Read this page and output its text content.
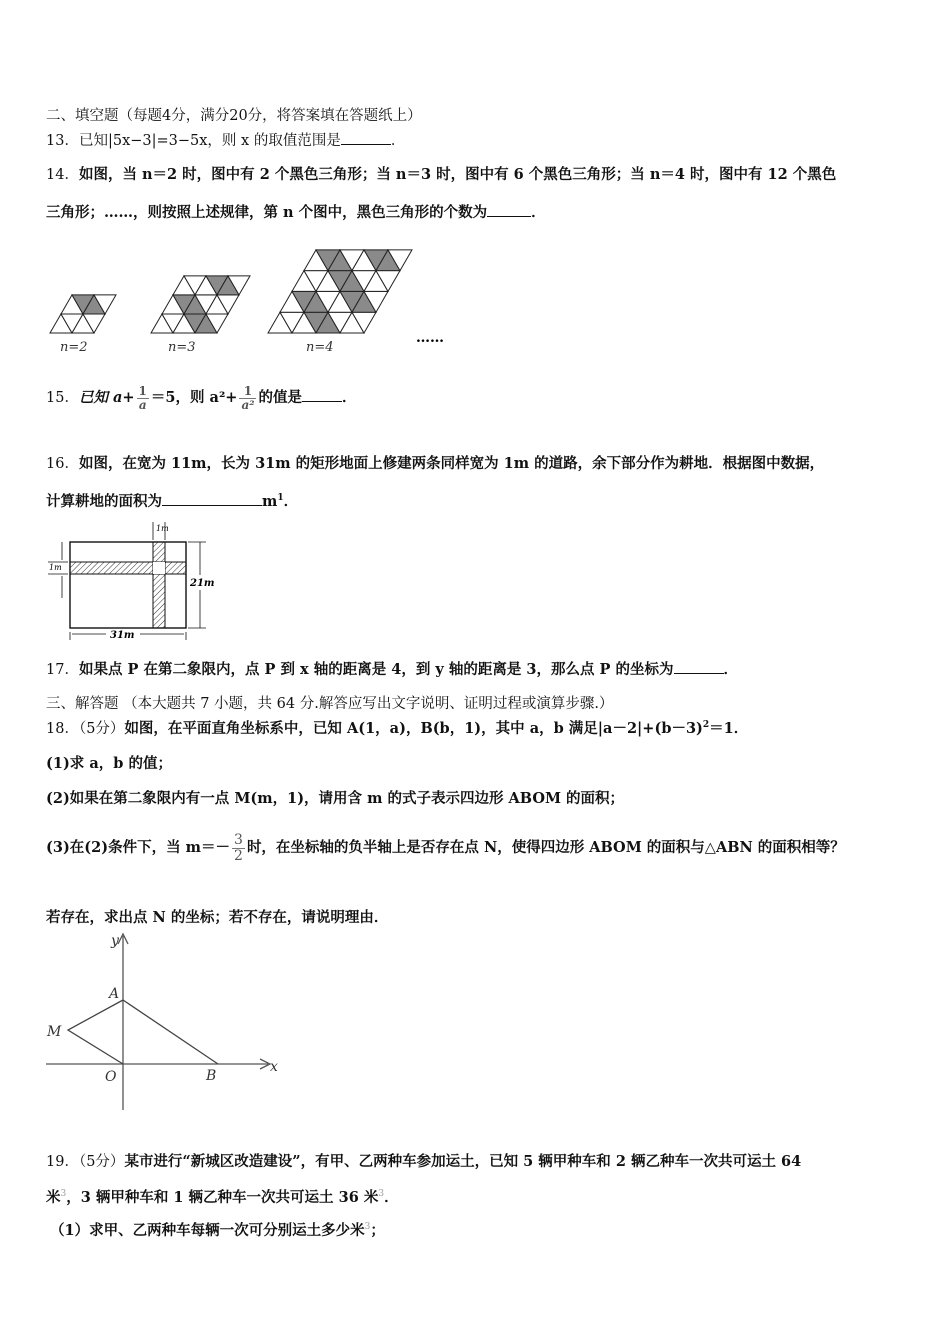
二、填空题（每题4分，满分20分，将答案填在答题纸上）
13．已知|5x−3|=3−5x，则 x 的取值范围是	．
14．如图，当 n＝2 时，图中有 2 个黑色三角形；当 n＝3 时，图中有 6 个黑色三角形；当 n＝4 时，图中有 12 个黑色
三角形；……，则按照上述规律，第 n 个图中，黑色三角形的个数为	．
n=2	n=3	n=4
……
15．已知 $a+ \frac{1}{a} =5$，则 $a^2+ \frac{1}{\text{a²}}$ 的值是	．
16．如图，在宽为 11m，长为 31m 的矩形地面上修建两条同样宽为 1m 的道路，余下部分作为耕地．根据图中数据，
计算耕地的面积为	$m^1$．
1m
1m
21m
31m
17．如果点 P 在第二象限内，点 P 到 x 轴的距离是 4，到 y 轴的距离是 3，那么点 P 的坐标为	．
三、解答题 （本大题共 7 小题，共 64 分.解答应写出文字说明、证明过程或演算步骤.）
18．（5分）如图，在平面直角坐标系中，已知 A(1，a)，B(b，1)，其中 a，b 满足$|a-2|+(b-3)^2=1$．
(1)求 a，b 的值；
(2)如果在第二象限内有一点 M(m，1)，请用含 m 的式子表示四边形 ABOM 的面积；
(3)在(2)条件下，当 $m=- \frac{3}{2}$ 时，在坐标轴的负半轴上是否存在点 N，使得四边形 ABOM 的面积与△ABN 的面积相等？
若存在，求出点 N 的坐标；若不存在，请说明理由．
y
x
A
M
O	B
19．（5分）某市进行“新城区改造建设”，有甲、乙两种车参加运土，已知 5 辆甲种车和 2 辆乙种车一次共可运土 64
米$^3$，3 辆甲种车和 1 辆乙种车一次共可运土 36 米$^3$．
（1）求甲、乙两种车每辆一次可分别运土多少米$^3$；
